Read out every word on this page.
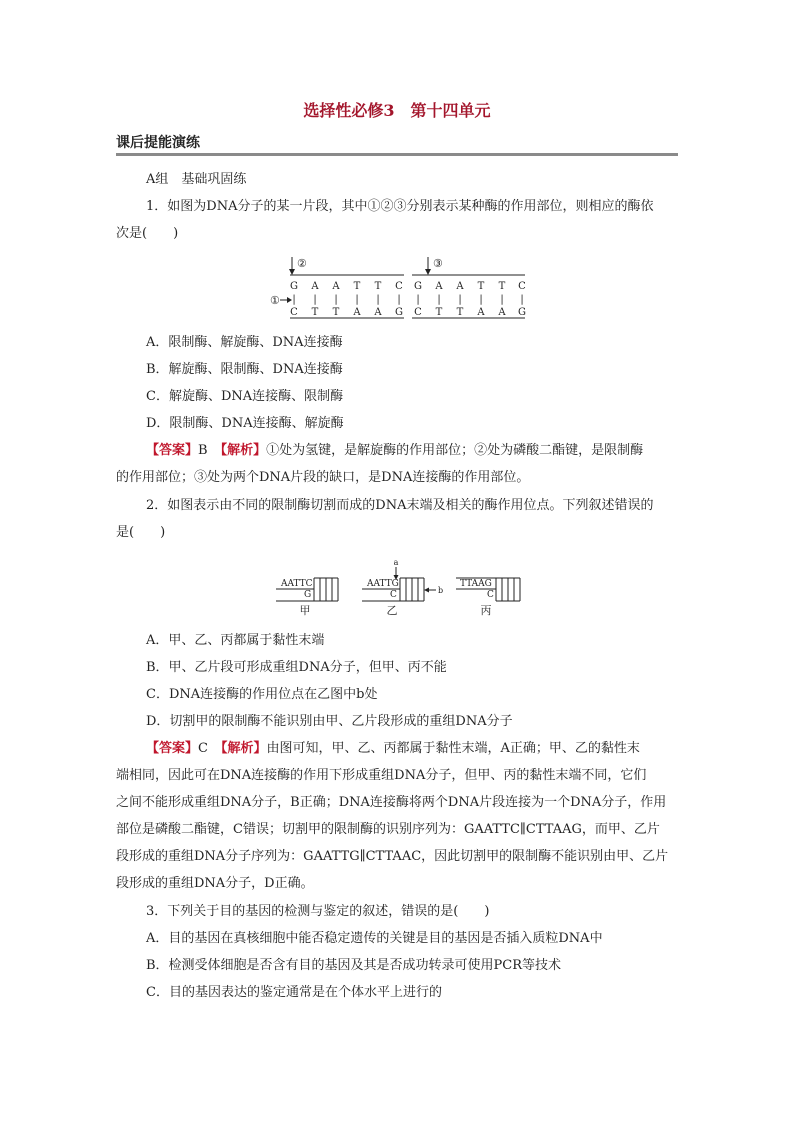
选择性必修3　第十四单元
课后提能演练
A组　基础巩固练
1．如图为DNA分子的某一片段，其中①②③分别表示某种酶的作用部位，则相应的酶依
次是(　　)
②	③
G A A T T C G A A T T C
| | | | | | | | | | | |
①
C T T A A G C T T A A G
A．限制酶、解旋酶、DNA连接酶
B．解旋酶、限制酶、DNA连接酶
C．解旋酶、DNA连接酶、限制酶
D．限制酶、DNA连接酶、解旋酶
【答案】B　 【解析】①处为氢键，是解旋酶的作用部位；②处为磷酸二酯键，是限制酶
的作用部位；③处为两个DNA片段的缺口，是DNA连接酶的作用部位。
2．如图表示由不同的限制酶切割而成的DNA末端及相关的酶作用位点。下列叙述错误的
是(　　)
AATTC
G
甲
a
AATTG
C	b
乙
TTAAG
C
丙
A．甲、乙、丙都属于黏性末端
B．甲、乙片段可形成重组DNA分子，但甲、丙不能
C．DNA连接酶的作用位点在乙图中b处
D．切割甲的限制酶不能识别由甲、乙片段形成的重组DNA分子
【答案】C　 【解析】由图可知，甲、乙、丙都属于黏性末端，A正确；甲、乙的黏性末
端相同，因此可在DNA连接酶的作用下形成重组DNA分子，但甲、丙的黏性末端不同，它们
之间不能形成重组DNA分子，B正确；DNA连接酶将两个DNA片段连接为一个DNA分子，作用
部位是磷酸二酯键，C错误；切割甲的限制酶的识别序列为：GAATTC∥CTTAAG，而甲、乙片
段形成的重组DNA分子序列为：GAATTG∥CTTAAC，因此切割甲的限制酶不能识别由甲、乙片
段形成的重组DNA分子，D正确。
3．下列关于目的基因的检测与鉴定的叙述，错误的是(　　)
A．目的基因在真核细胞中能否稳定遗传的关键是目的基因是否插入质粒DNA中
B．检测受体细胞是否含有目的基因及其是否成功转录可使用PCR等技术
C．目的基因表达的鉴定通常是在个体水平上进行的
